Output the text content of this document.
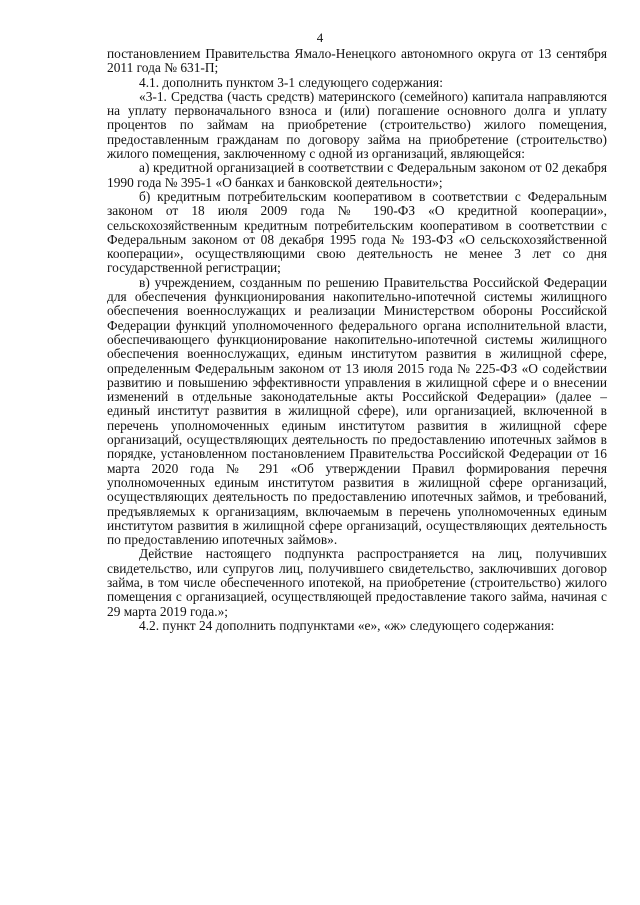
4

постановлением Правительства Ямало-Ненецкого автономного округа от 13 сентября 2011 года № 631-П;

4.1. дополнить пунктом 3-1 следующего содержания:

«3-1. Средства (часть средств) материнского (семейного) капитала направляются на уплату первоначального взноса и (или) погашение основного долга и уплату процентов по займам на приобретение (строительство) жилого помещения, предоставленным гражданам по договору займа на приобретение (строительство) жилого помещения, заключенному с одной из организаций, являющейся:

а) кредитной организацией в соответствии с Федеральным законом от 02 декабря 1990 года № 395-1 «О банках и банковской деятельности»;

б) кредитным потребительским кооперативом в соответствии с Федеральным законом от 18 июля 2009 года № 190-ФЗ «О кредитной кооперации», сельскохозяйственным кредитным потребительским кооперативом в соответствии с Федеральным законом от 08 декабря 1995 года № 193-ФЗ «О сельскохозяйственной кооперации», осуществляющими свою деятельность не менее 3 лет со дня государственной регистрации;

в) учреждением, созданным по решению Правительства Российской Федерации для обеспечения функционирования накопительно-ипотечной системы жилищного обеспечения военнослужащих и реализации Министерством обороны Российской Федерации функций уполномоченного федерального органа исполнительной власти, обеспечивающего функционирование накопительно-ипотечной системы жилищного обеспечения военнослужащих, единым институтом развития в жилищной сфере, определенным Федеральным законом от 13 июля 2015 года № 225-ФЗ «О содействии развитию и повышению эффективности управления в жилищной сфере и о внесении изменений в отдельные законодательные акты Российской Федерации» (далее – единый институт развития в жилищной сфере), или организацией, включенной в перечень уполномоченных единым институтом развития в жилищной сфере организаций, осуществляющих деятельность по предоставлению ипотечных займов в порядке, установленном постановлением Правительства Российской Федерации от 16 марта 2020 года № 291 «Об утверждении Правил формирования перечня уполномоченных единым институтом развития в жилищной сфере организаций, осуществляющих деятельность по предоставлению ипотечных займов, и требований, предъявляемых к организациям, включаемым в перечень уполномоченных единым институтом развития в жилищной сфере организаций, осуществляющих деятельность по предоставлению ипотечных займов».

Действие настоящего подпункта распространяется на лиц, получивших свидетельство, или супругов лиц, получившего свидетельство, заключивших договор займа, в том числе обеспеченного ипотекой, на приобретение (строительство) жилого помещения с организацией, осуществляющей предоставление такого займа, начиная с 29 марта 2019 года.»;

4.2. пункт 24 дополнить подпунктами «е», «ж» следующего содержания:
